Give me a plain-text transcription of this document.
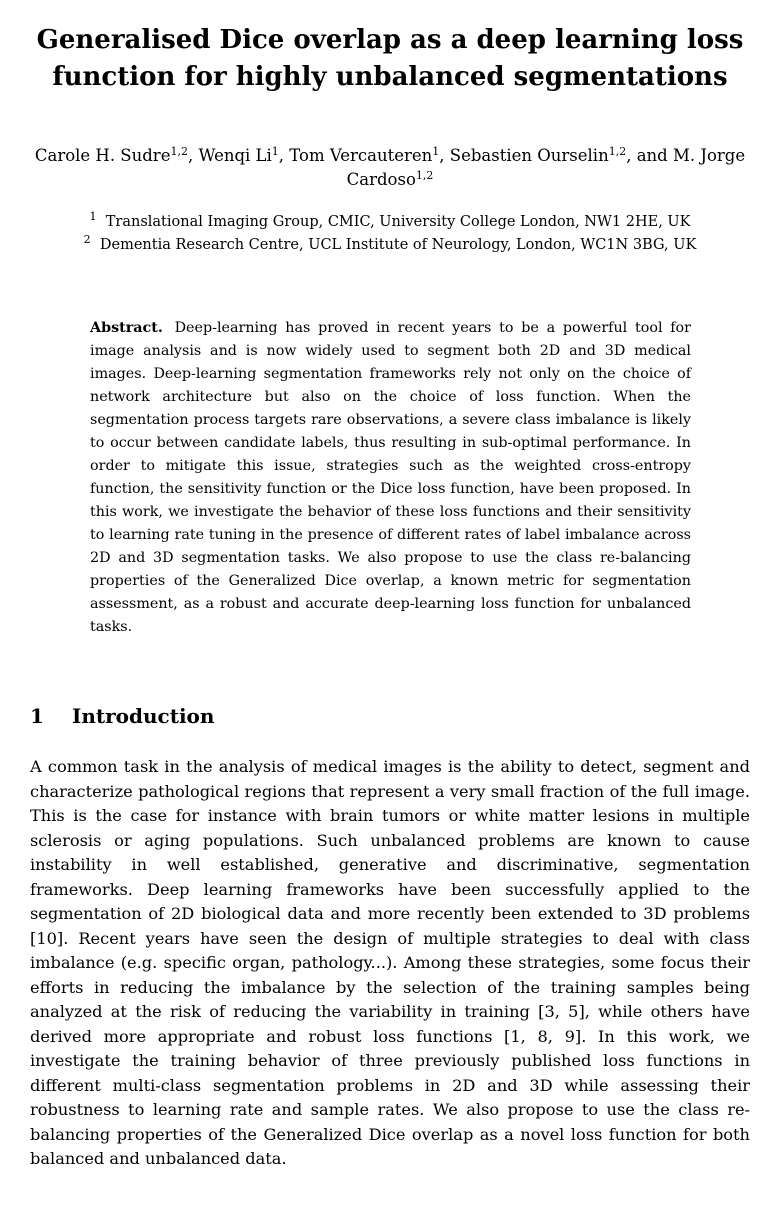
Generalised Dice overlap as a deep learning loss function for highly unbalanced segmentations
Carole H. Sudre$^{1,2}$, Wenqi Li$^1$, Tom Vercauteren$^1$, Sebastien Ourselin$^{1,2}$, and M. Jorge Cardoso$^{1,2}$
$^1$ Translational Imaging Group, CMIC, University College London, NW1 2HE, UK
$^2$ Dementia Research Centre, UCL Institute of Neurology, London, WC1N 3BG, UK

Abstract. Deep-learning has proved in recent years to be a powerful tool for image analysis and is now widely used to segment both 2D and 3D medical images. Deep-learning segmentation frameworks rely not only on the choice of network architecture but also on the choice of loss function. When the segmentation process targets rare observations, a severe class imbalance is likely to occur between candidate labels, thus resulting in sub-optimal performance. In order to mitigate this issue, strategies such as the weighted cross-entropy function, the sensitivity function or the Dice loss function, have been proposed. In this work, we investigate the behavior of these loss functions and their sensitivity to learning rate tuning in the presence of different rates of label imbalance across 2D and 3D segmentation tasks. We also propose to use the class re-balancing properties of the Generalized Dice overlap, a known metric for segmentation assessment, as a robust and accurate deep-learning loss function for unbalanced tasks.

1 Introduction

A common task in the analysis of medical images is the ability to detect, segment and characterize pathological regions that represent a very small fraction of the full image. This is the case for instance with brain tumors or white matter lesions in multiple sclerosis or aging populations. Such unbalanced problems are known to cause instability in well established, generative and discriminative, segmentation frameworks. Deep learning frameworks have been successfully applied to the segmentation of 2D biological data and more recently been extended to 3D problems [10]. Recent years have seen the design of multiple strategies to deal with class imbalance (e.g. specific organ, pathology...). Among these strategies, some focus their efforts in reducing the imbalance by the selection of the training samples being analyzed at the risk of reducing the variability in training [3, 5], while others have derived more appropriate and robust loss functions [1, 8, 9]. In this work, we investigate the training behavior of three previously published loss functions in different multi-class segmentation problems in 2D and 3D while assessing their robustness to learning rate and sample rates. We also propose to use the class re-balancing properties of the Generalized Dice overlap as a novel loss function for both balanced and unbalanced data.
